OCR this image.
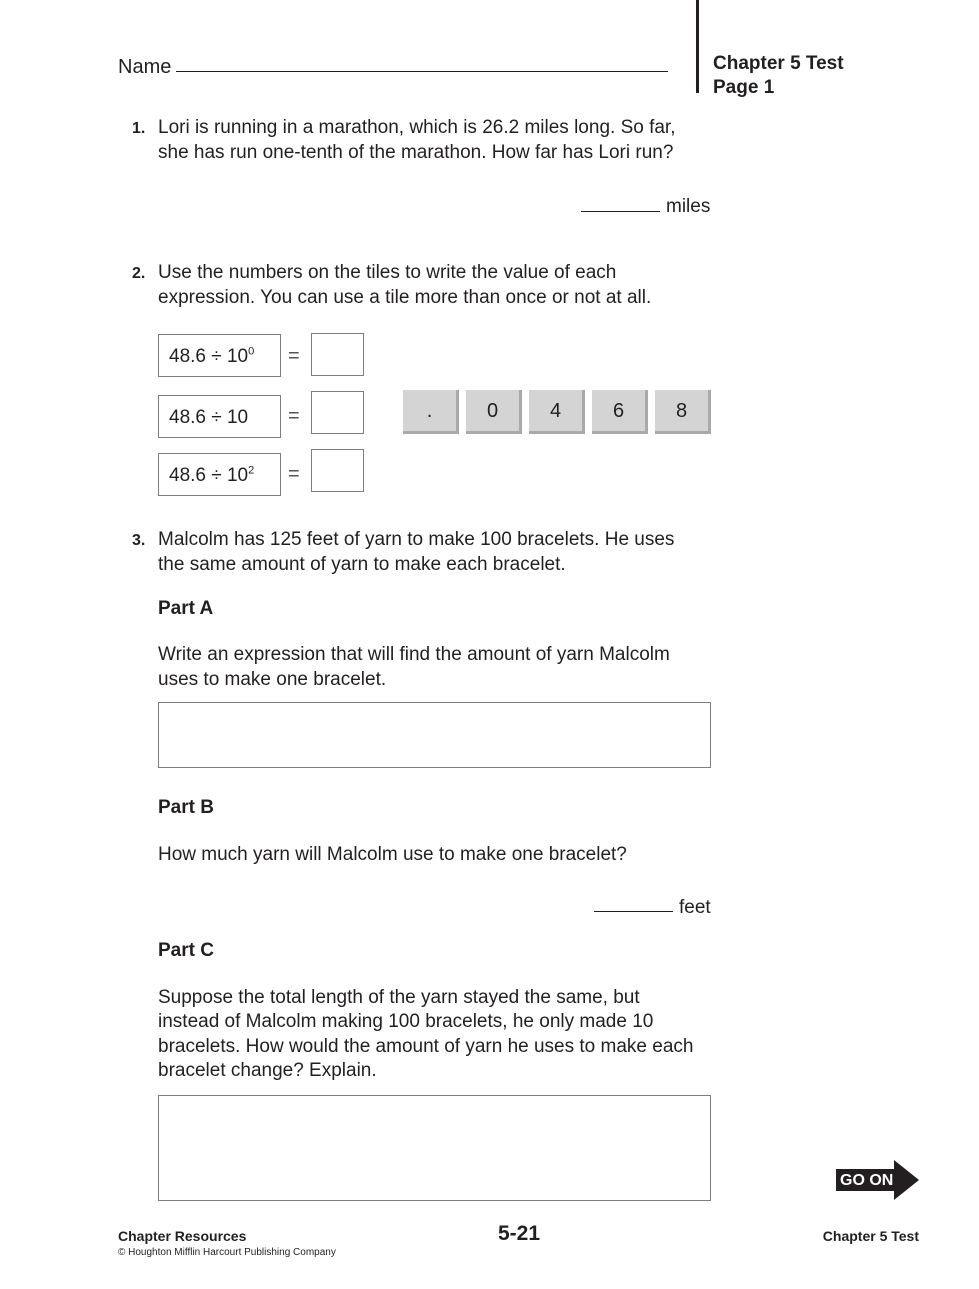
Name	Chapter 5 Test
Page 1
1. Lori is running in a marathon, which is 26.2 miles long. So far,
she has run one-tenth of the marathon. How far has Lori run?
miles
2. Use the numbers on the tiles to write the value of each
expression. You can use a tile more than once or not at all.
$48.6 \div 10^0$	=
48.6 ÷ 10	=
$48.6 \div 10^2$	=
.	0	4	6	8
3. Malcolm has 125 feet of yarn to make 100 bracelets. He uses
the same amount of yarn to make each bracelet.
Part A
Write an expression that will find the amount of yarn Malcolm
uses to make one bracelet.
Part B
How much yarn will Malcolm use to make one bracelet?
feet
Part C
Suppose the total length of the yarn stayed the same, but
instead of Malcolm making 100 bracelets, he only made 10
bracelets. How would the amount of yarn he uses to make each
bracelet change? Explain.
GO ON
Chapter Resources
© Houghton Mifflin Harcourt Publishing Company
5-21	Chapter 5 Test
